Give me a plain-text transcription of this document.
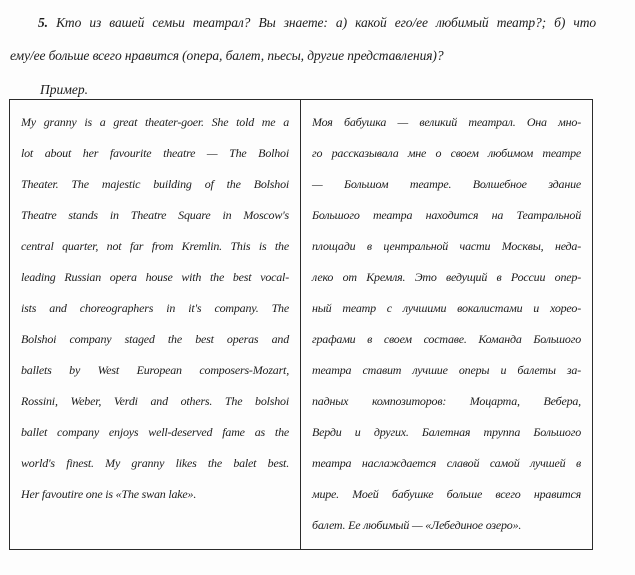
5. Кто из вашей семьи театрал? Вы знаете: а) какой его/ее любимый театр?; б) что
ему/ее больше всего нравится (опера, балет, пьесы, другие представления)?
Пример.
My granny is a great theater-goer. She told me a
lot about her favourite theatre — The Bolhoi
Theater. The majestic building of the Bolshoi
Theatre stands in Theatre Square in Moscow's
central quarter, not far from Kremlin. This is the
leading Russian opera house with the best vocal-
ists and choreographers in it's company. The
Bolshoi company staged the best operas and
ballets by West European composers-Mozart,
Rossini, Weber, Verdi and others. The bolshoi
ballet company enjoys well-deserved fame as the
world's finest. My granny likes the balet best.
Her favoutire one is «The swan lake».
Моя бабушка — великий театрал. Она мно-
го рассказывала мне о своем любимом театре
— Большом театре. Волшебное здание
Большого театра находится на Театральной
площади в центральной части Москвы, неда-
леко от Кремля. Это ведущий в России опер-
ный театр с лучшими вокалистами и хорео-
графами в своем составе. Команда Большого
театра ставит лучшие оперы и балеты за-
падных композиторов: Моцарта, Вебера,
Верди и других. Балетная труппа Большого
театра наслаждается славой самой лучшей в
мире. Моей бабушке больше всего нравится
балет. Ее любимый — «Лебединое озеро».
